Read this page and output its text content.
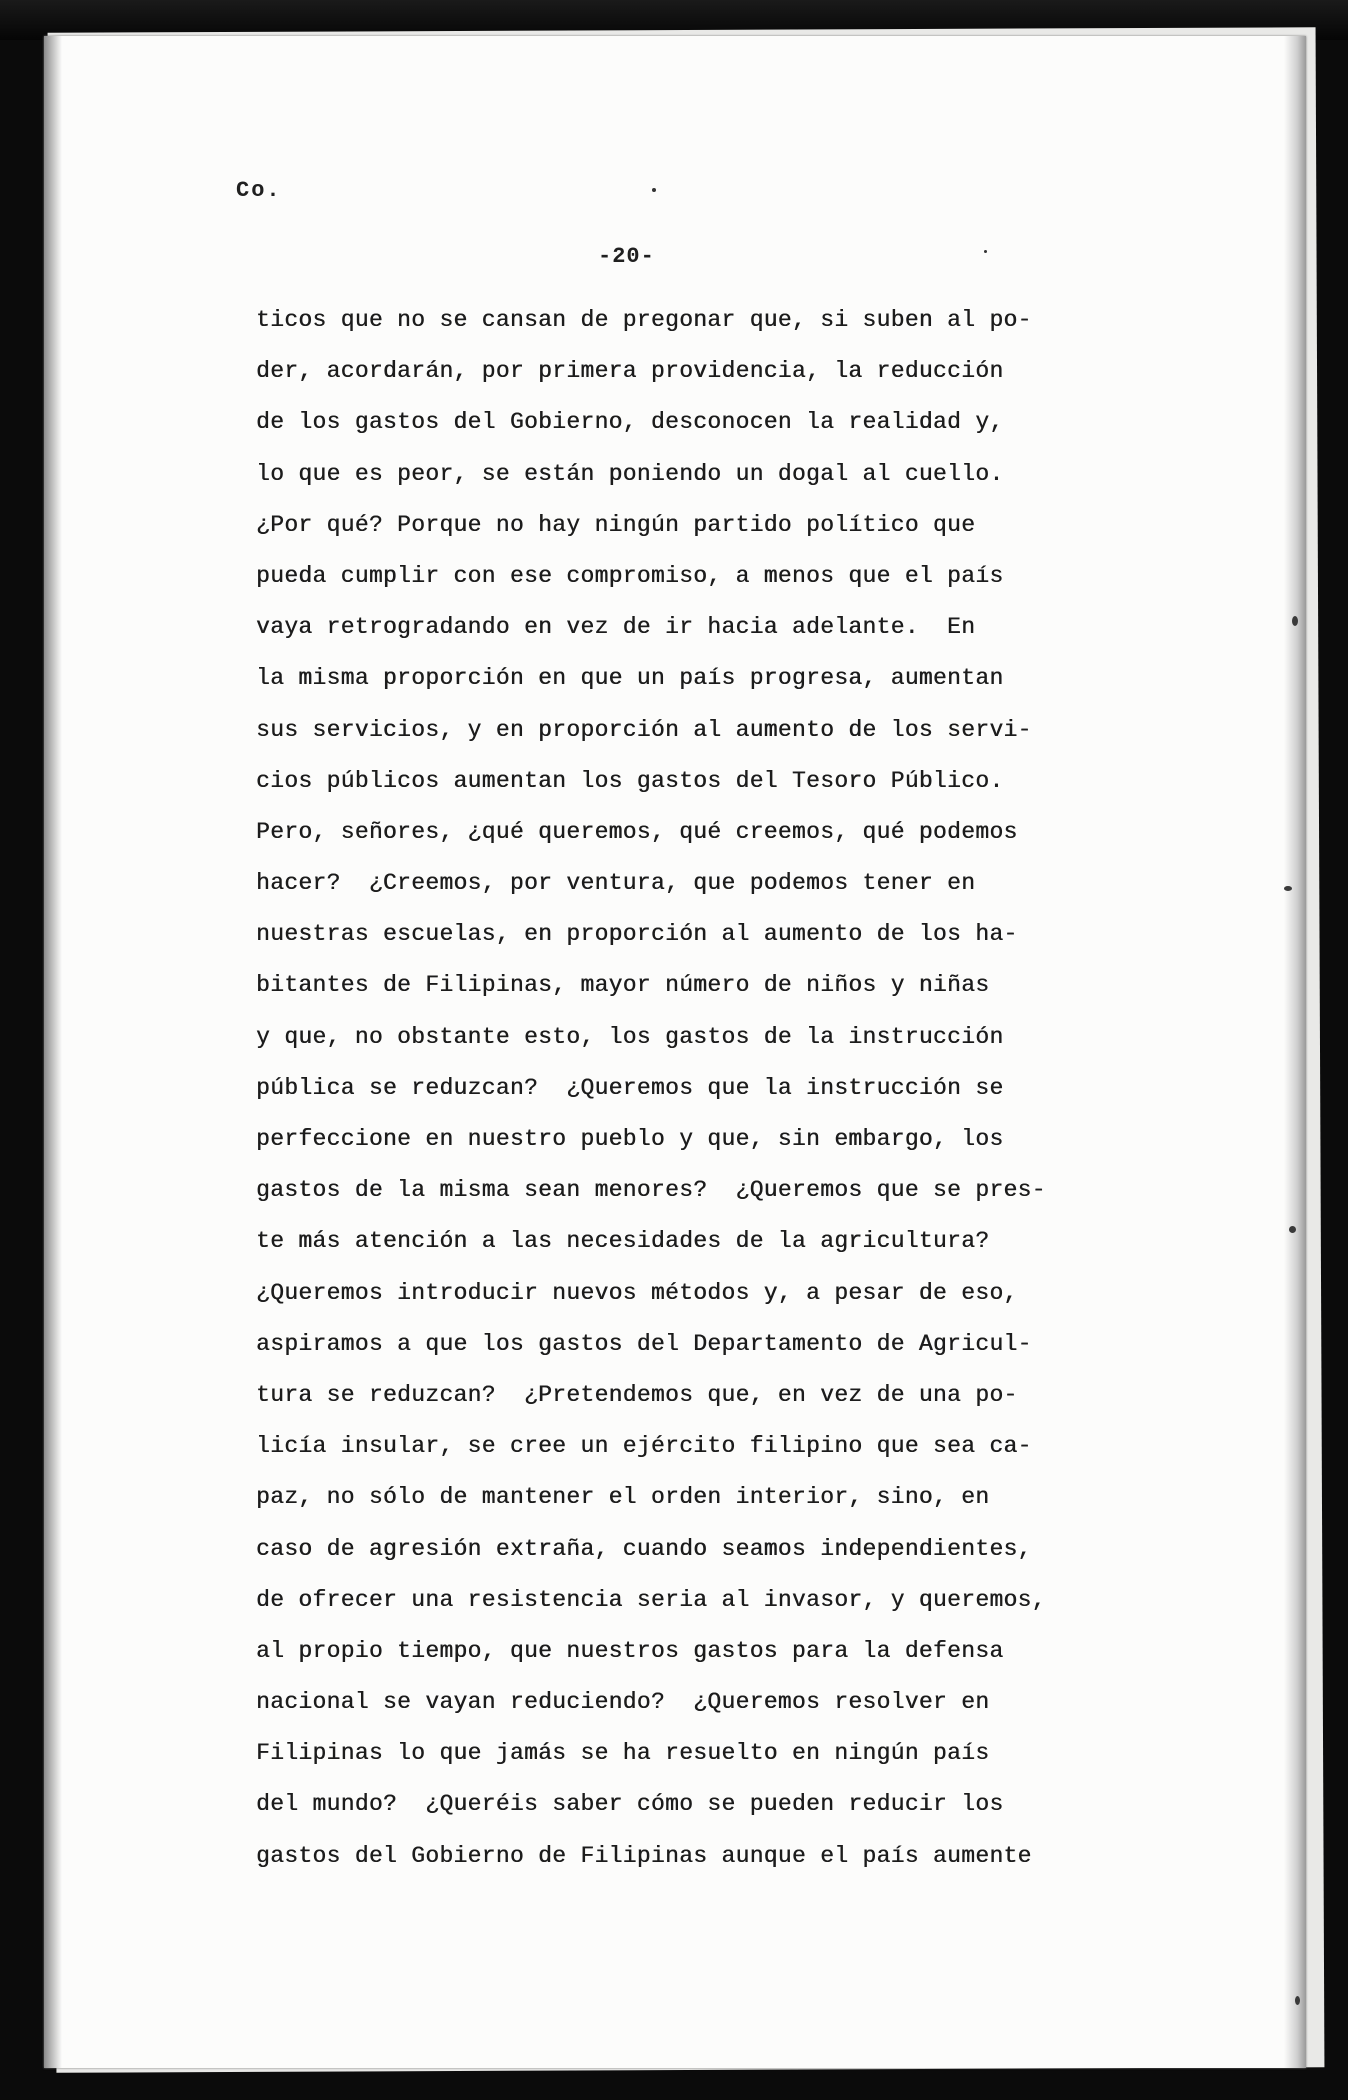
Co.
-20-
ticos que no se cansan de pregonar que, si suben al po-
der, acordarán, por primera providencia, la reducción
de los gastos del Gobierno, desconocen la realidad y,
lo que es peor, se están poniendo un dogal al cuello.
¿Por qué? Porque no hay ningún partido político que
pueda cumplir con ese compromiso, a menos que el país
vaya retrogradando en vez de ir hacia adelante.  En
la misma proporción en que un país progresa, aumentan
sus servicios, y en proporción al aumento de los servi-
cios públicos aumentan los gastos del Tesoro Público.
Pero, señores, ¿qué queremos, qué creemos, qué podemos
hacer?  ¿Creemos, por ventura, que podemos tener en
nuestras escuelas, en proporción al aumento de los ha-
bitantes de Filipinas, mayor número de niños y niñas
y que, no obstante esto, los gastos de la instrucción
pública se reduzcan?  ¿Queremos que la instrucción se
perfeccione en nuestro pueblo y que, sin embargo, los
gastos de la misma sean menores?  ¿Queremos que se pres-
te más atención a las necesidades de la agricultura?
¿Queremos introducir nuevos métodos y, a pesar de eso,
aspiramos a que los gastos del Departamento de Agricul-
tura se reduzcan?  ¿Pretendemos que, en vez de una po-
licía insular, se cree un ejército filipino que sea ca-
paz, no sólo de mantener el orden interior, sino, en
caso de agresión extraña, cuando seamos independientes,
de ofrecer una resistencia seria al invasor, y queremos,
al propio tiempo, que nuestros gastos para la defensa
nacional se vayan reduciendo?  ¿Queremos resolver en
Filipinas lo que jamás se ha resuelto en ningún país
del mundo?  ¿Queréis saber cómo se pueden reducir los
gastos del Gobierno de Filipinas aunque el país aumente
